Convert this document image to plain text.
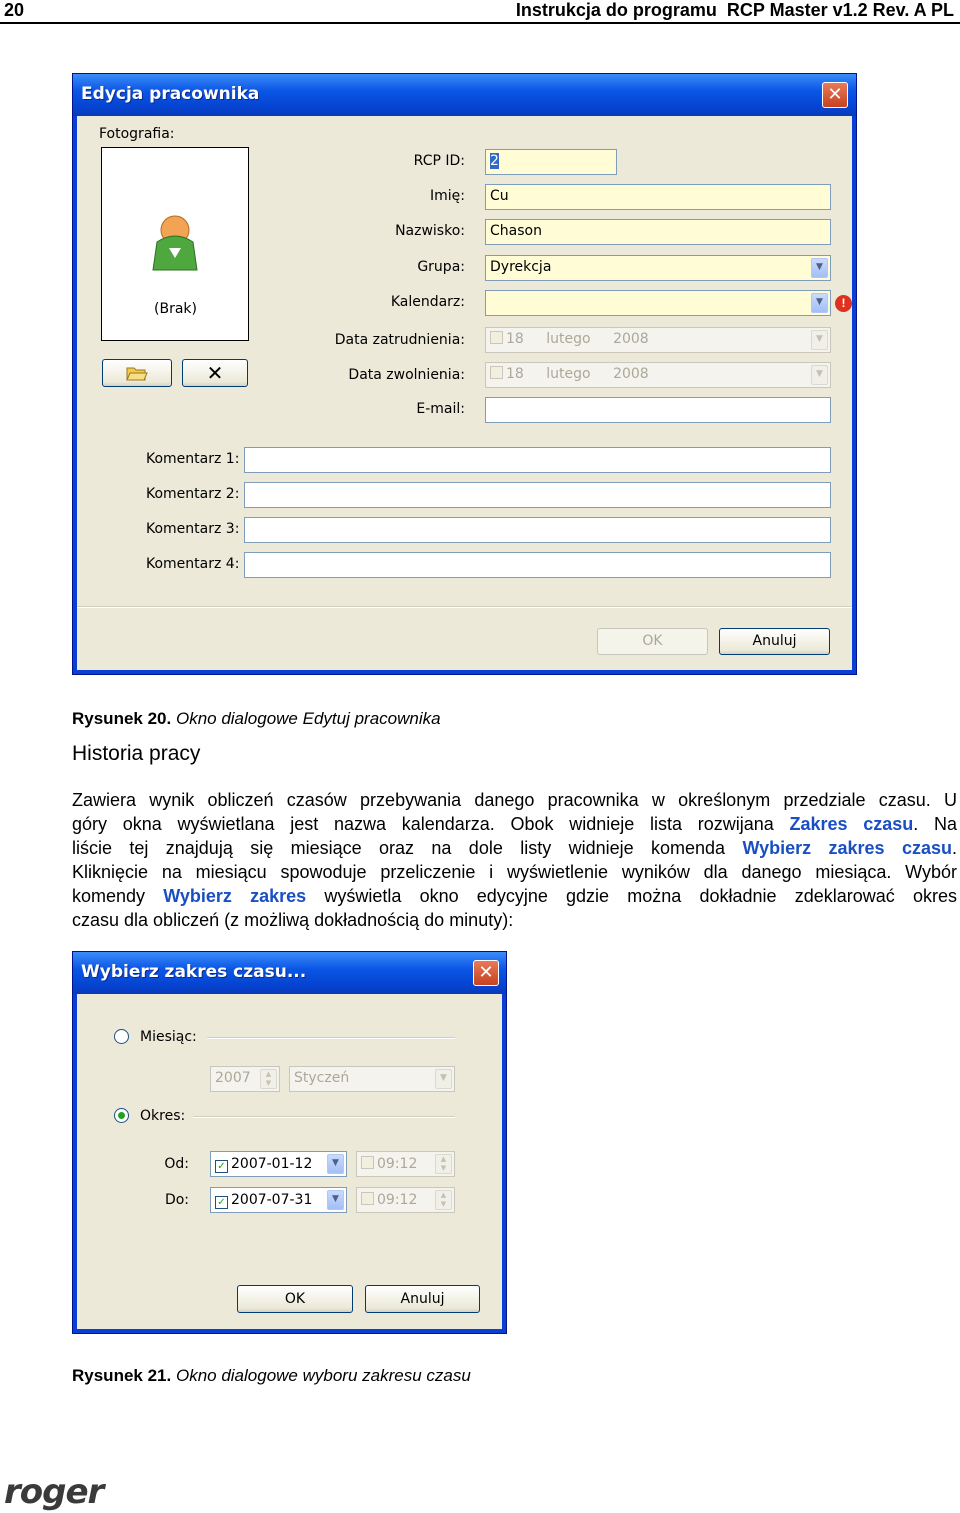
20	Instrukcja do programu  RCP Master v1.2 Rev. A PL
Edycja pracownika	✕
Fotografia:
(Brak)
✕
RCP ID:	2
Imię:	Cu
Nazwisko:	Chason
Grupa:	Dyrekcja	▼
Kalendarz:	▼	!
Data zatrudnienia:	18 lutego 2008	▼
Data zwolnienia:	18 lutego 2008	▼
E-mail:
Komentarz 1:
Komentarz 2:
Komentarz 3:
Komentarz 4:
OK	Anuluj
Rysunek 20. Okno dialogowe Edytuj pracownika
Historia pracy
Zawiera wynik obliczeń czasów przebywania danego pracownika w określonym przedziale czasu. U
góry okna wyświetlana jest nazwa kalendarza. Obok widnieje lista rozwijana Zakres czasu. Na
liście tej znajdują się miesiące oraz na dole listy widnieje komenda Wybierz zakres czasu.
Kliknięcie na miesiącu spowoduje przeliczenie i wyświetlenie wyników dla danego miesiąca. Wybór
komendy Wybierz zakres wyświetla okno edycyjne gdzie można dokładnie zdeklarować okres
czasu dla obliczeń (z możliwą dokładnością do minuty):
Wybierz zakres czasu...	✕
Miesiąc:
2007	▲
▼	Styczeń	▼
Okres:
Od:	✓ 2007-01-12	▼	09:12	▲
▼
Do:	✓ 2007-07-31	▼	09:12	▲
▼
OK	Anuluj
Rysunek 21. Okno dialogowe wyboru zakresu czasu
roger
